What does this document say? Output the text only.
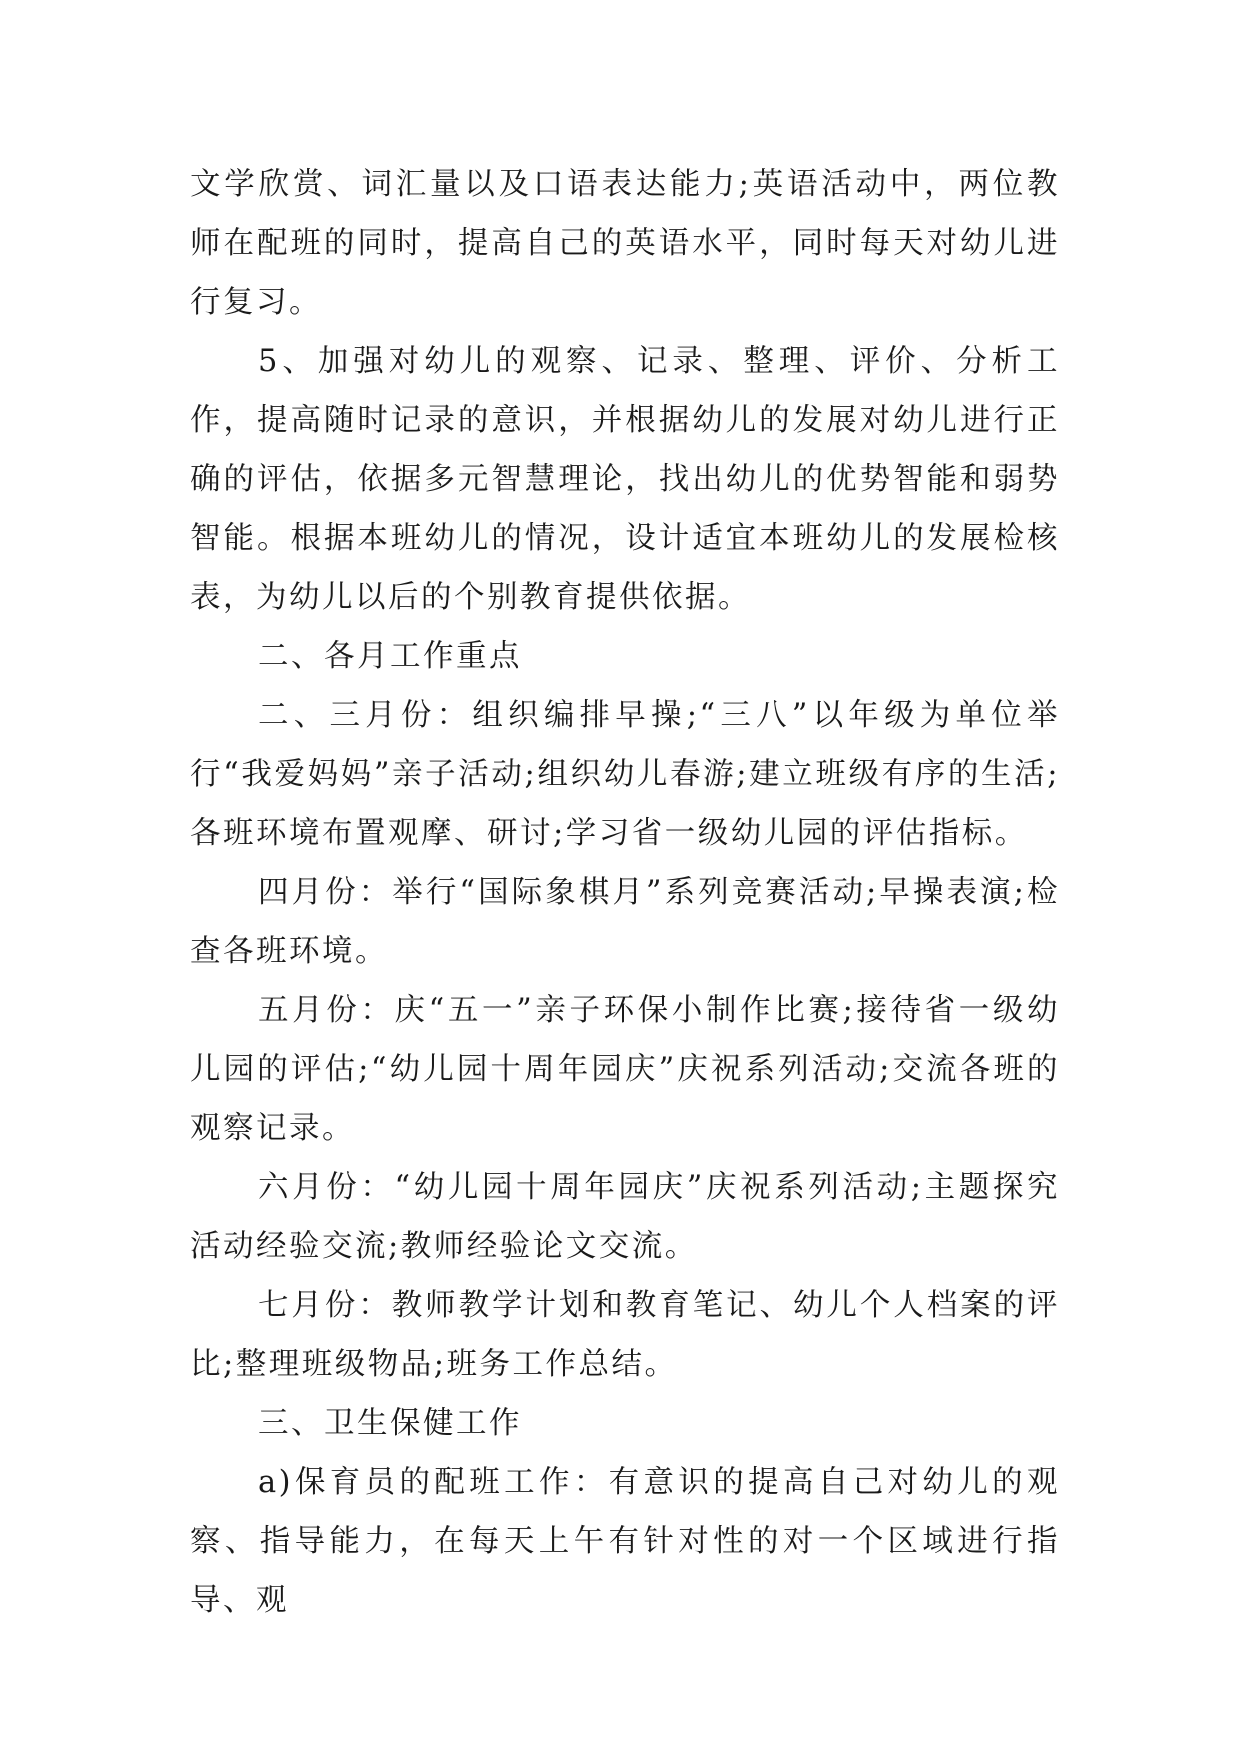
文学欣赏、词汇量以及口语表达能力;英语活动中，两位教师在配班的同时，提高自己的英语水平，同时每天对幼儿进行复习。

5、加强对幼儿的观察、记录、整理、评价、分析工作，提高随时记录的意识，并根据幼儿的发展对幼儿进行正确的评估，依据多元智慧理论，找出幼儿的优势智能和弱势智能。根据本班幼儿的情况，设计适宜本班幼儿的发展检核表，为幼儿以后的个别教育提供依据。

二、各月工作重点

二、三月份：组织编排早操;“三八”以年级为单位举行“我爱妈妈”亲子活动;组织幼儿春游;建立班级有序的生活;各班环境布置观摩、研讨;学习省一级幼儿园的评估指标。

四月份：举行“国际象棋月”系列竞赛活动;早操表演;检查各班环境。

五月份：庆“五一”亲子环保小制作比赛;接待省一级幼儿园的评估;“幼儿园十周年园庆”庆祝系列活动;交流各班的观察记录。

六月份：“幼儿园十周年园庆”庆祝系列活动;主题探究活动经验交流;教师经验论文交流。

七月份：教师教学计划和教育笔记、幼儿个人档案的评比;整理班级物品;班务工作总结。

三、卫生保健工作

a)保育员的配班工作：有意识的提高自己对幼儿的观察、指导能力，在每天上午有针对性的对一个区域进行指导、观
